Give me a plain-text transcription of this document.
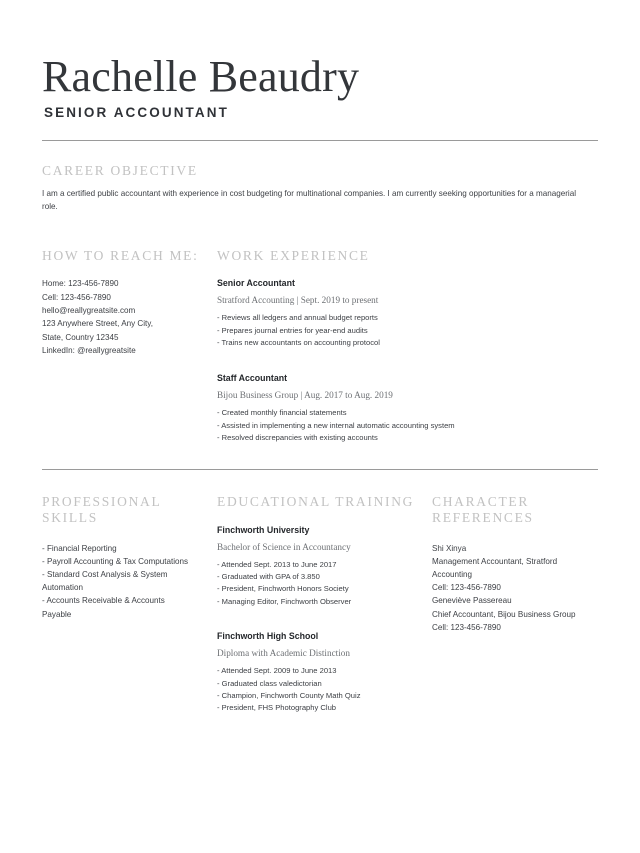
Rachelle Beaudry
SENIOR ACCOUNTANT
CAREER OBJECTIVE

I am a certified public accountant with experience in cost budgeting for multinational companies. I am currently seeking opportunities for a managerial role.

HOW TO REACH ME:
Home: 123-456-7890
Cell: 123-456-7890
hello@reallygreatsite.com
123 Anywhere Street, Any City,
State, Country 12345
LinkedIn: @reallygreatsite
WORK EXPERIENCE
Senior Accountant
Stratford Accounting | Sept. 2019 to present
- Reviews all ledgers and annual budget reports
- Prepares journal entries for year-end audits
- Trains new accountants on accounting protocol
Staff Accountant
Bijou Business Group | Aug. 2017 to Aug. 2019
- Created monthly financial statements
- Assisted in implementing a new internal automatic accounting system
- Resolved discrepancies with existing accounts
PROFESSIONAL SKILLS
- Financial Reporting
- Payroll Accounting & Tax Computations
- Standard Cost Analysis & System Automation
- Accounts Receivable & Accounts Payable
EDUCATIONAL TRAINING
Finchworth University
Bachelor of Science in Accountancy
- Attended Sept. 2013 to June 2017
- Graduated with GPA of 3.850
- President, Finchworth Honors Society
- Managing Editor, Finchworth Observer
Finchworth High School
Diploma with Academic Distinction
- Attended Sept. 2009 to June 2013
- Graduated class valedictorian
- Champion, Finchworth County Math Quiz
- President, FHS Photography Club
CHARACTER REFERENCES
Shi Xinya
Management Accountant, Stratford Accounting
Cell: 123-456-7890
Geneviève Passereau
Chief Accountant, Bijou Business Group
Cell: 123-456-7890
